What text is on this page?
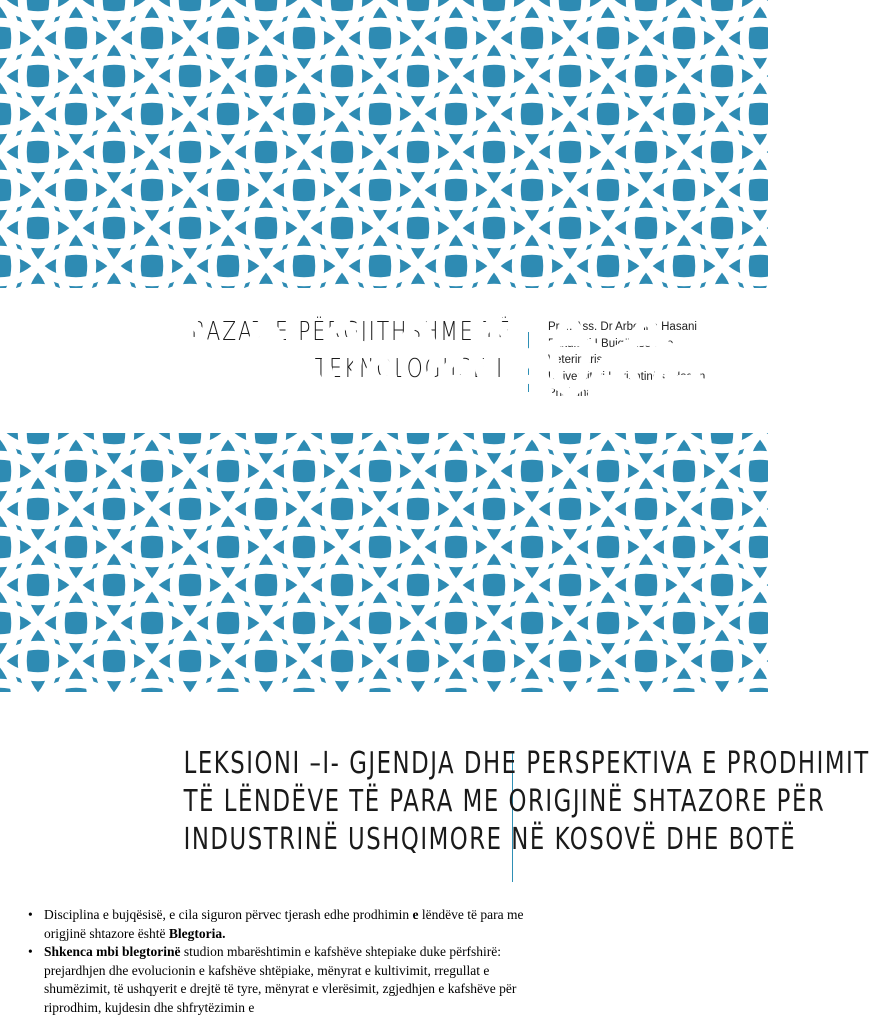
BAZAT E PËRGJITHSHME TË
TEKNOLOGJISË II
Prof. Ass. Dr Arbenita Hasani
Fakulteti I Bujqësisë dhe
Veterinarisë
Universiteti I Prishtinës “Hasan
Prishtina:
LEKSIONI –I- GJENDJA DHE PERSPEKTIVA E PRODHIMIT
TË LËNDËVE TË PARA ME ORIGJINË SHTAZORE PËR
INDUSTRINË USHQIMORE NË KOSOVË DHE BOTË
• Disciplina e bujqësisë, e cila siguron përvec tjerash edhe prodhimin e lëndëve të para me origjinë shtazore është Blegtoria.
• Shkenca mbi blegtorinë studion mbarështimin e kafshëve shtepiake duke përfshirë: prejardhjen dhe evolucionin e kafshëve shtëpiake, mënyrat e kultivimit, rregullat e shumëzimit, të ushqyerit e drejtë të tyre, mënyrat e vlerësimit, zgjedhjen e kafshëve për riprodhim, kujdesin dhe shfrytëzimin e
